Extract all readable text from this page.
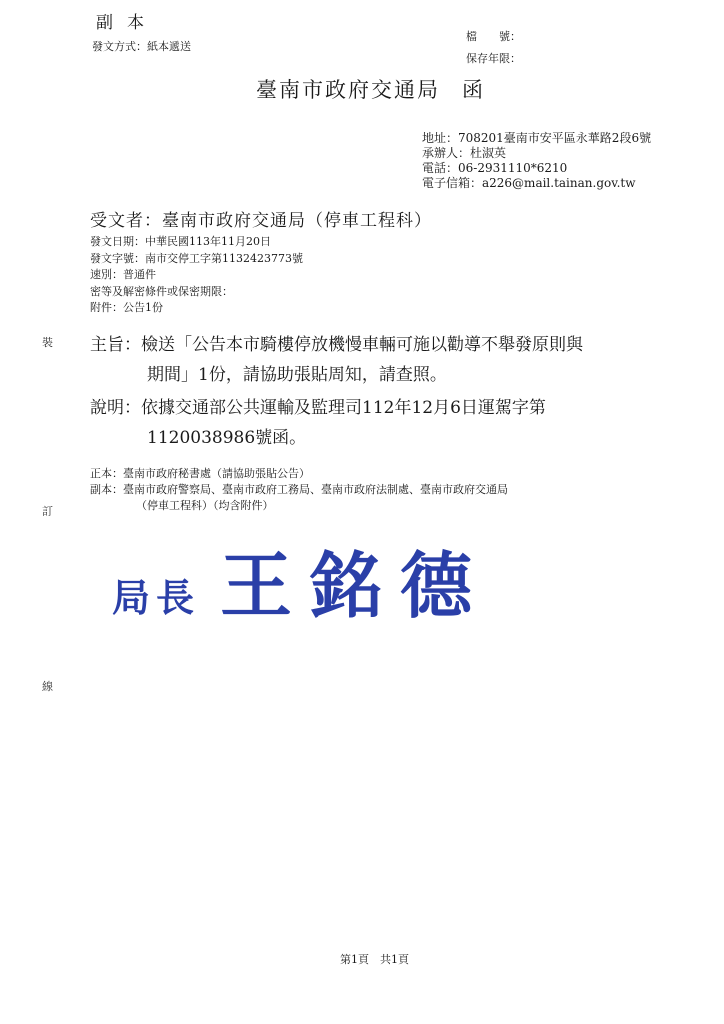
副本
發文方式：紙本遞送
檔　　號：
保存年限：
臺南市政府交通局 函
地址：708201臺南市安平區永華路2段6號
承辦人：杜淑英
電話：06-2931110*6210
電子信箱：a226@mail.tainan.gov.tw
受文者：臺南市政府交通局（停車工程科）
發文日期：中華民國113年11月20日
發文字號：南市交停工字第1132423773號
速別：普通件
密等及解密條件或保密期限：
附件：公告1份
主旨：檢送「公告本市騎樓停放機慢車輛可施以勸導不舉發原則與
期間」1份，請協助張貼周知，請查照。
說明：依據交通部公共運輸及監理司112年12月6日運駕字第
1120038986號函。
正本：臺南市政府秘書處（請協助張貼公告）
副本：臺南市政府警察局、臺南市政府工務局、臺南市政府法制處、臺南市政府交通局
（停車工程科）（均含附件）
裝
訂
線
局長 王銘德
第1頁　共1頁
